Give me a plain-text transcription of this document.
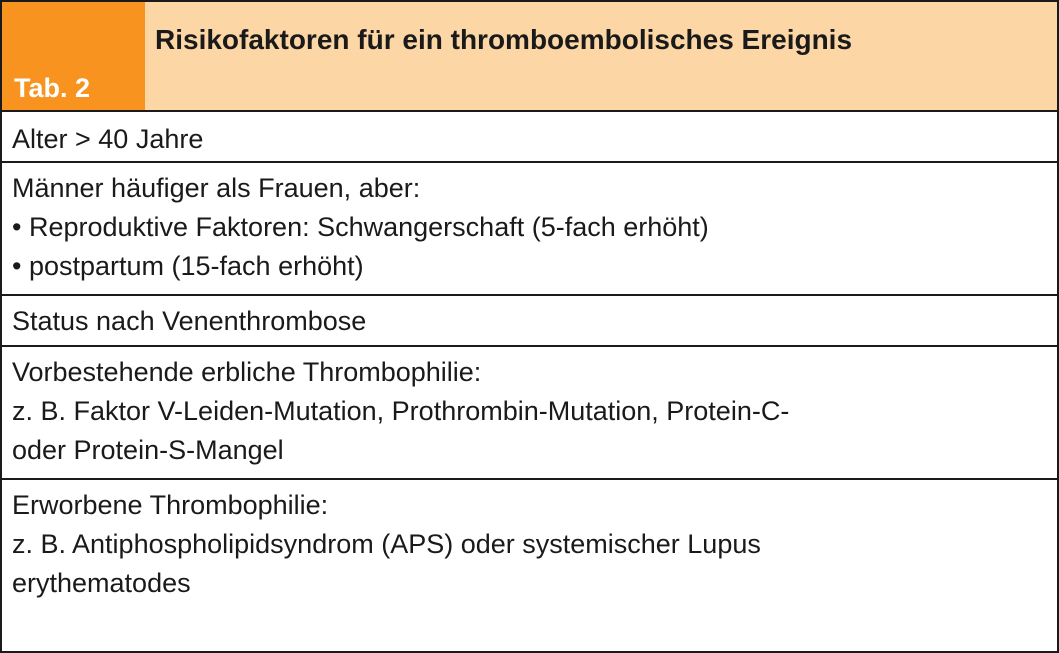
Tab. 2
Risikofaktoren für ein thromboembolisches Ereignis
Alter > 40 Jahre
Männer häufiger als Frauen, aber:
• Reproduktive Faktoren: Schwangerschaft (5-fach erhöht)
• postpartum (15-fach erhöht)
Status nach Venenthrombose
Vorbestehende erbliche Thrombophilie:
z. B. Faktor V-Leiden-Mutation, Prothrombin-Mutation, Protein-C-
oder Protein-S-Mangel
Erworbene Thrombophilie:
z. B. Antiphospholipidsyndrom (APS) oder systemischer Lupus
erythematodes
